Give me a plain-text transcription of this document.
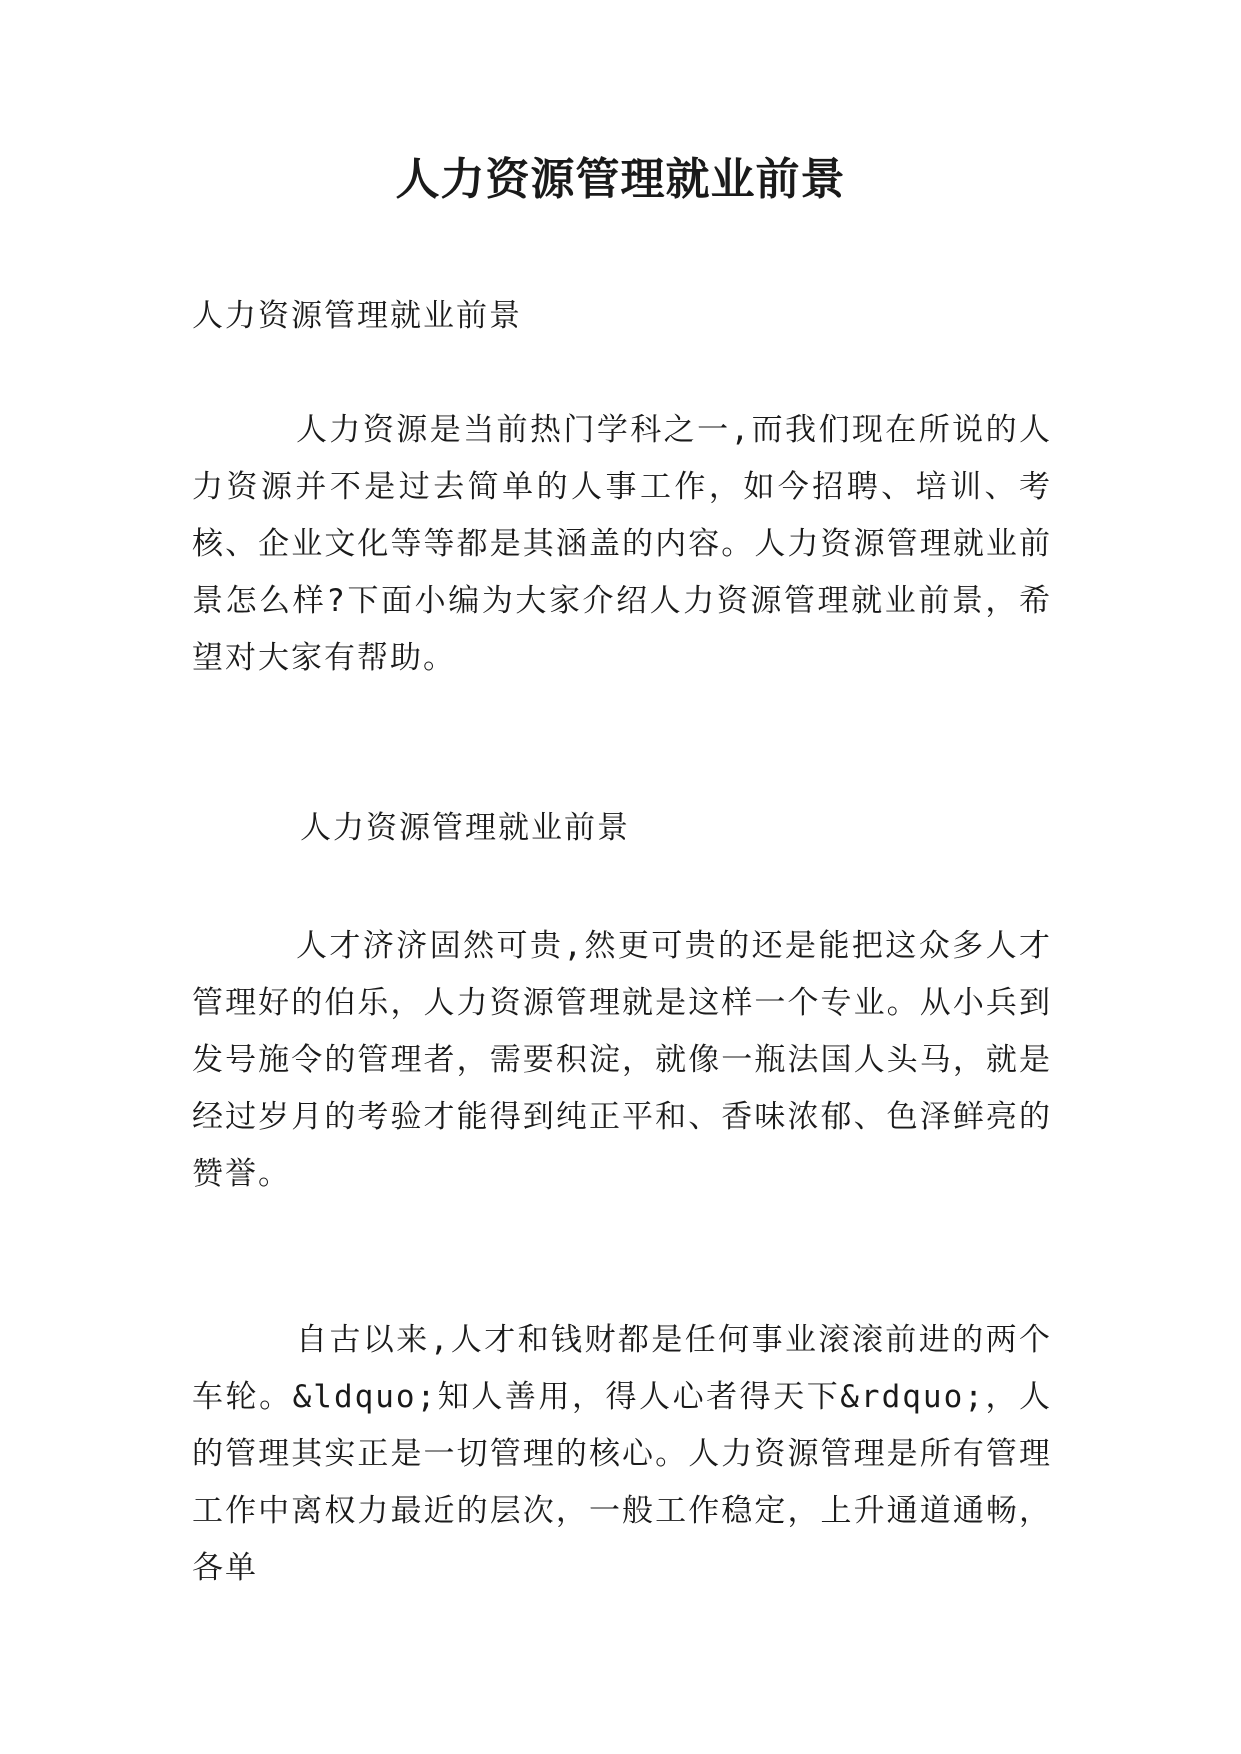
人力资源管理就业前景

人力资源管理就业前景

人力资源是当前热门学科之一,而我们现在所说的人力资源并不是过去简单的人事工作，如今招聘、培训、考核、企业文化等等都是其涵盖的内容。人力资源管理就业前景怎么样?下面小编为大家介绍人力资源管理就业前景，希望对大家有帮助。

人力资源管理就业前景

人才济济固然可贵,然更可贵的还是能把这众多人才管理好的伯乐，人力资源管理就是这样一个专业。从小兵到发号施令的管理者，需要积淀，就像一瓶法国人头马，就是经过岁月的考验才能得到纯正平和、香味浓郁、色泽鲜亮的赞誉。

自古以来,人才和钱财都是任何事业滚滚前进的两个车轮。&ldquo;知人善用，得人心者得天下&rdquo;，人的管理其实正是一切管理的核心。人力资源管理是所有管理工作中离权力最近的层次，一般工作稳定，上升通道通畅，各单
